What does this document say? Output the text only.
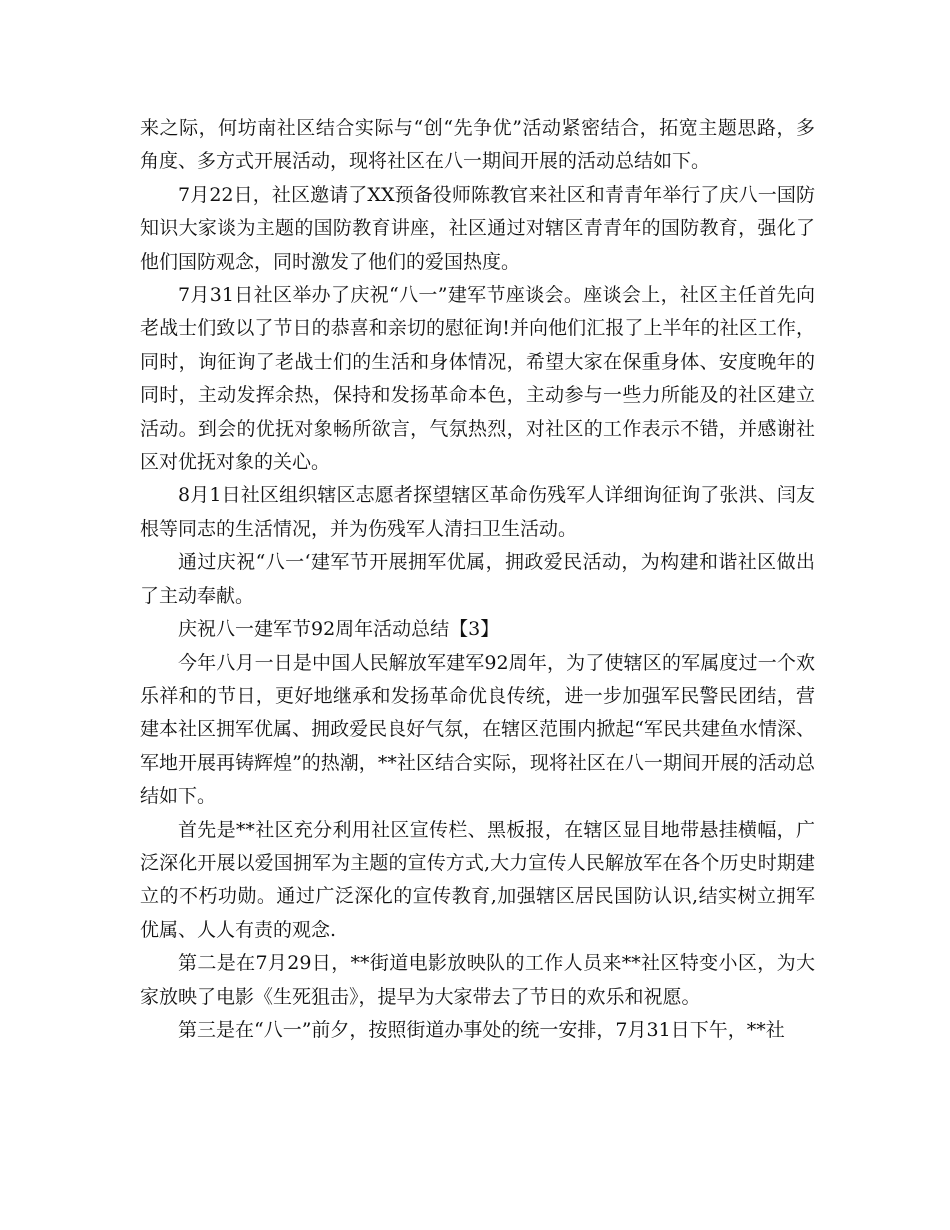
来之际，何坊南社区结合实际与“创“先争优”活动紧密结合，拓宽主题思路，多角度、多方式开展活动，现将社区在八一期间开展的活动总结如下。

7月22日，社区邀请了XX预备役师陈教官来社区和青青年举行了庆八一国防知识大家谈为主题的国防教育讲座，社区通过对辖区青青年的国防教育，强化了他们国防观念，同时激发了他们的爱国热度。

7月31日社区举办了庆祝“八一”建军节座谈会。座谈会上，社区主任首先向老战士们致以了节日的恭喜和亲切的慰征询!并向他们汇报了上半年的社区工作，同时，询征询了老战士们的生活和身体情况，希望大家在保重身体、安度晚年的同时，主动发挥余热，保持和发扬革命本色，主动参与一些力所能及的社区建立活动。到会的优抚对象畅所欲言，气氛热烈，对社区的工作表示不错，并感谢社区对优抚对象的关心。

8月1日社区组织辖区志愿者探望辖区革命伤残军人详细询征询了张洪、闫友根等同志的生活情况，并为伤残军人清扫卫生活动。

通过庆祝“八一‘建军节开展拥军优属，拥政爱民活动，为构建和谐社区做出了主动奉献。

庆祝八一建军节92周年活动总结【3】

今年八月一日是中国人民解放军建军92周年，为了使辖区的军属度过一个欢乐祥和的节日，更好地继承和发扬革命优良传统，进一步加强军民警民团结，营建本社区拥军优属、拥政爱民良好气氛，在辖区范围内掀起“军民共建鱼水情深、军地开展再铸辉煌”的热潮，**社区结合实际，现将社区在八一期间开展的活动总结如下。

首先是**社区充分利用社区宣传栏、黑板报，在辖区显目地带悬挂横幅，广泛深化开展以爱国拥军为主题的宣传方式,大力宣传人民解放军在各个历史时期建立的不朽功勋。通过广泛深化的宣传教育,加强辖区居民国防认识,结实树立拥军优属、人人有责的观念.

第二是在7月29日，**街道电影放映队的工作人员来**社区特变小区，为大家放映了电影《生死狙击》，提早为大家带去了节日的欢乐和祝愿。

第三是在“八一”前夕，按照街道办事处的统一安排，7月31日下午，**社
